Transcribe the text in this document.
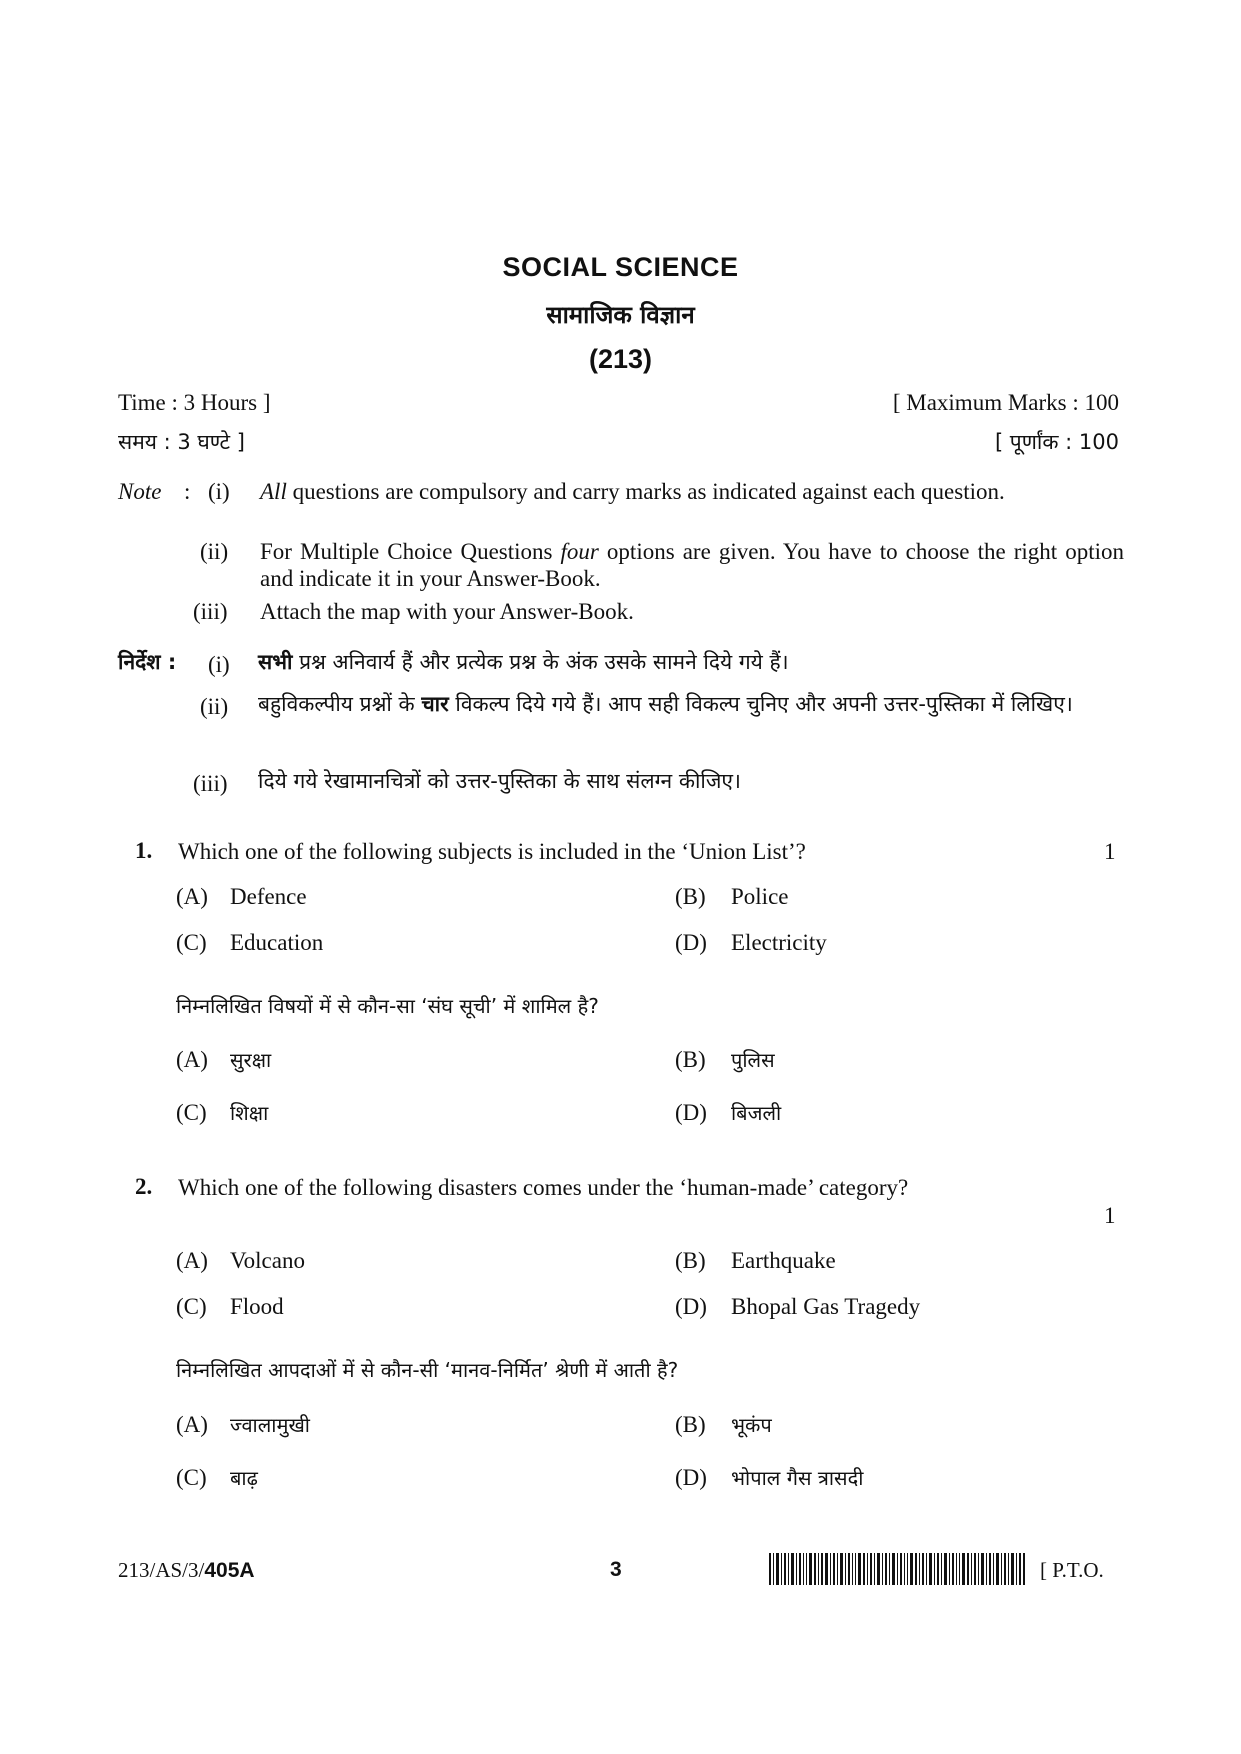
SOCIAL SCIENCE
सामाजिक विज्ञान
(213)
Time : 3 Hours ]	[ Maximum Marks : 100
समय : 3 घण्टे ]	[ पूर्णांक : 100
Note : (i) All questions are compulsory and carry marks as indicated against each question.
(ii) For Multiple Choice Questions four options are given. You have to choose the right option and indicate it in your Answer-Book.
(iii) Attach the map with your Answer-Book.
निर्देश : (i) सभी प्रश्न अनिवार्य हैं और प्रत्येक प्रश्न के अंक उसके सामने दिये गये हैं।
(ii) बहुविकल्पीय प्रश्नों के चार विकल्प दिये गये हैं। आप सही विकल्प चुनिए और अपनी उत्तर-पुस्तिका में लिखिए।
(iii) दिये गये रेखामानचित्रों को उत्तर-पुस्तिका के साथ संलग्न कीजिए।
1. Which one of the following subjects is included in the ‘Union List’?	1
(A) Defence	(B) Police
(C) Education	(D) Electricity
निम्नलिखित विषयों में से कौन-सा ‘संघ सूची’ में शामिल है?
(A) सुरक्षा	(B) पुलिस
(C) शिक्षा	(D) बिजली
2. Which one of the following disasters comes under the ‘human-made’ category?
1
(A) Volcano	(B) Earthquake
(C) Flood	(D) Bhopal Gas Tragedy
निम्नलिखित आपदाओं में से कौन-सी ‘मानव-निर्मित’ श्रेणी में आती है?
(A) ज्वालामुखी	(B) भूकंप
(C) बाढ़	(D) भोपाल गैस त्रासदी
213/AS/3/405A	3	[ P.T.O.
